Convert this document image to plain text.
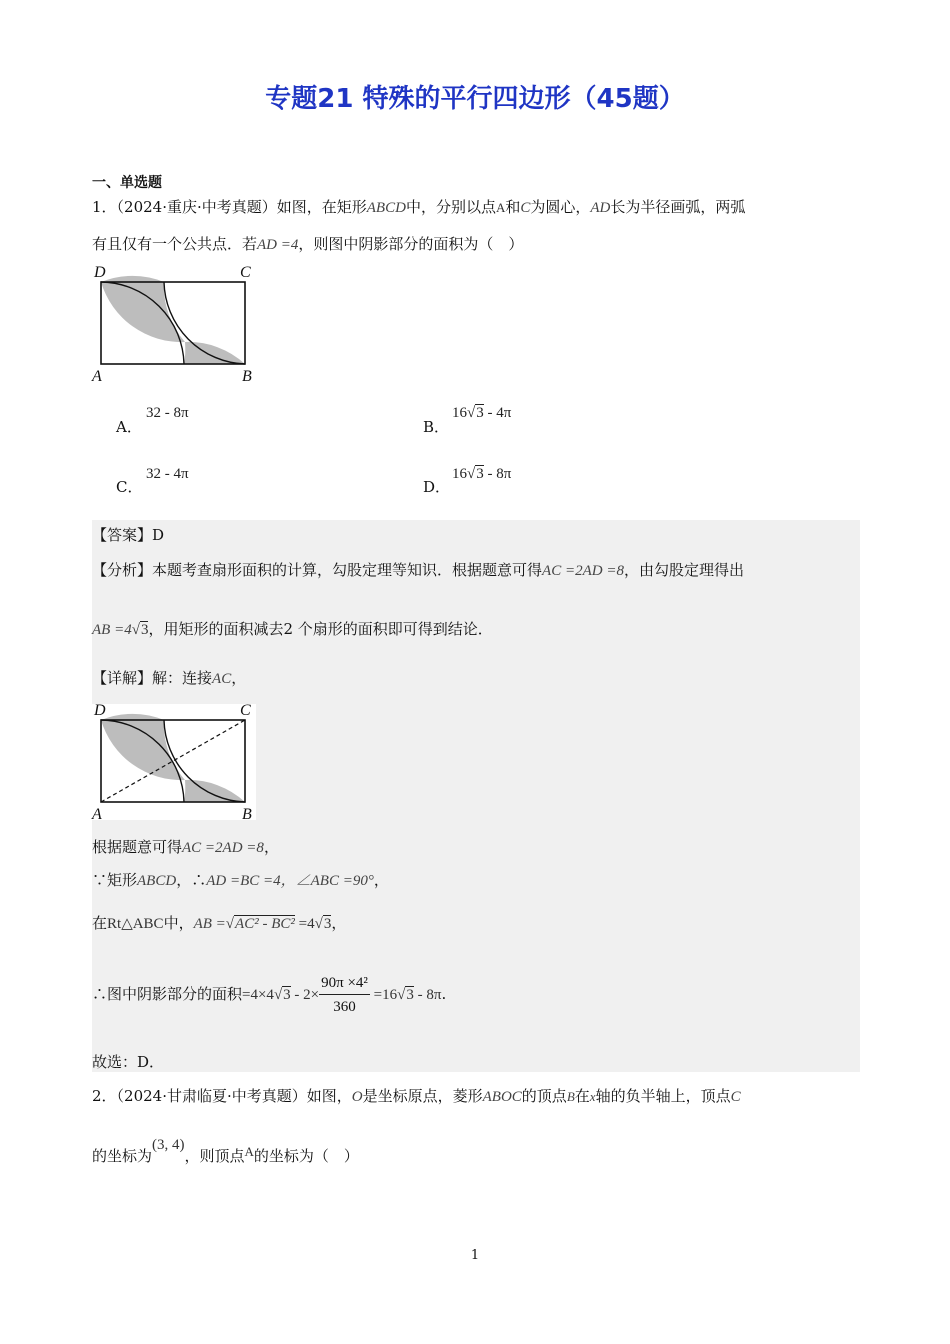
专题21 特殊的平行四边形（45题）
一、单选题
1．（2024·重庆·中考真题）如图，在矩形ABCD中，分别以点A和C为圆心，AD长为半径画弧，两弧
有且仅有一个公共点．若AD =4，则图中阴影部分的面积为（　）
D	C
A	B
A．
32 - 8π
B．
16√3 - 4π
C．
32 - 4π
D．
16√3 - 8π
【答案】D
【分析】本题考查扇形面积的计算，勾股定理等知识．根据题意可得AC =2AD =8，由勾股定理得出
AB =4√3，用矩形的面积减去2 个扇形的面积即可得到结论．
【详解】解：连接AC，
D	C
A	B
根据题意可得AC =2AD =8，
∵矩形ABCD，∴AD =BC =4，∠ABC =90°，
在Rt△ABC中，AB =√AC² - BC² =4√3，
∴图中阴影部分的面积$=4\times 4√3 - 2\times \frac{\text{90π ×4²}}{360} =16√3 - 8\pi$.
故选：D．
2．（2024·甘肃临夏·中考真题）如图，O是坐标原点，菱形ABOC的顶点B在x轴的负半轴上，顶点C
的坐标为(3, 4)，则顶点A的坐标为（　）
1
